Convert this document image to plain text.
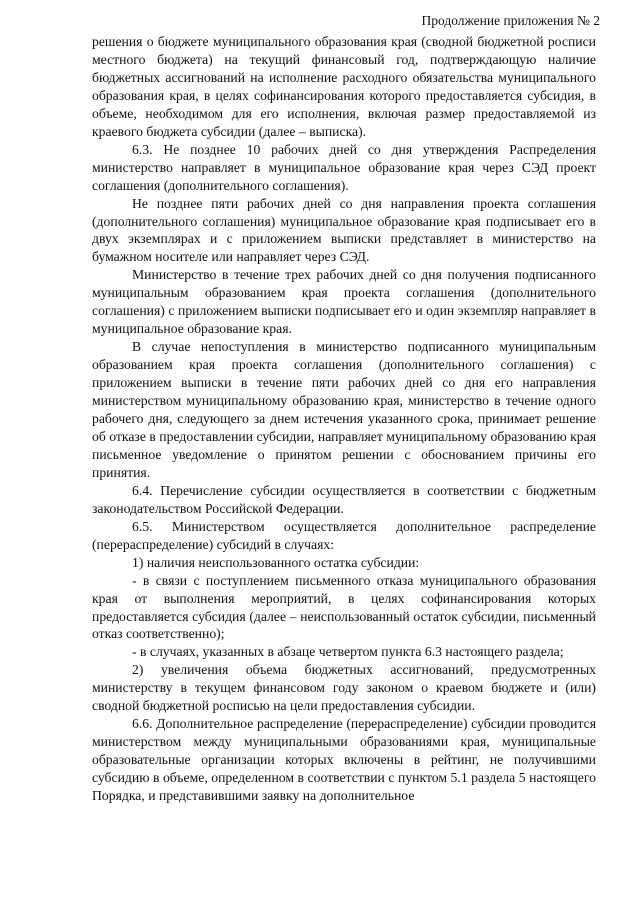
Продолжение приложения № 2

решения о бюджете муниципального образования края (сводной бюджетной росписи местного бюджета) на текущий финансовый год, подтверждающую наличие бюджетных ассигнований на исполнение расходного обязательства муниципального образования края, в целях софинансирования которого предоставляется субсидия, в объеме, необходимом для его исполнения, включая размер предоставляемой из краевого бюджета субсидии (далее – выписка).

6.3. Не позднее 10 рабочих дней со дня утверждения Распределения министерство направляет в муниципальное образование края через СЭД проект соглашения (дополнительного соглашения).

Не позднее пяти рабочих дней со дня направления проекта соглашения (дополнительного соглашения) муниципальное образование края подписывает его в двух экземплярах и с приложением выписки представляет в министерство на бумажном носителе или направляет через СЭД.

Министерство в течение трех рабочих дней со дня получения подписанного муниципальным образованием края проекта соглашения (дополнительного соглашения) с приложением выписки подписывает его и один экземпляр направляет в муниципальное образование края.

В случае непоступления в министерство подписанного муниципальным образованием края проекта соглашения (дополнительного соглашения) с приложением выписки в течение пяти рабочих дней со дня его направления министерством муниципальному образованию края, министерство в течение одного рабочего дня, следующего за днем истечения указанного срока, принимает решение об отказе в предоставлении субсидии, направляет муниципальному образованию края письменное уведомление о принятом решении с обоснованием причины его принятия.

6.4. Перечисление субсидии осуществляется в соответствии с бюджетным законодательством Российской Федерации.

6.5. Министерством осуществляется дополнительное распределение (перераспределение) субсидий в случаях:

1) наличия неиспользованного остатка субсидии:

- в связи с поступлением письменного отказа муниципального образования края от выполнения мероприятий, в целях софинансирования которых предоставляется субсидия (далее – неиспользованный остаток субсидии, письменный отказ соответственно);

- в случаях, указанных в абзаце четвертом пункта 6.3 настоящего раздела;

2) увеличения объема бюджетных ассигнований, предусмотренных министерству в текущем финансовом году законом о краевом бюджете и (или) сводной бюджетной росписью на цели предоставления субсидии.

6.6. Дополнительное распределение (перераспределение) субсидии проводится министерством между муниципальными образованиями края, муниципальные образовательные организации которых включены в рейтинг, не получившими субсидию в объеме, определенном в соответствии с пунктом 5.1 раздела 5 настоящего Порядка, и представившими заявку на дополнительное
